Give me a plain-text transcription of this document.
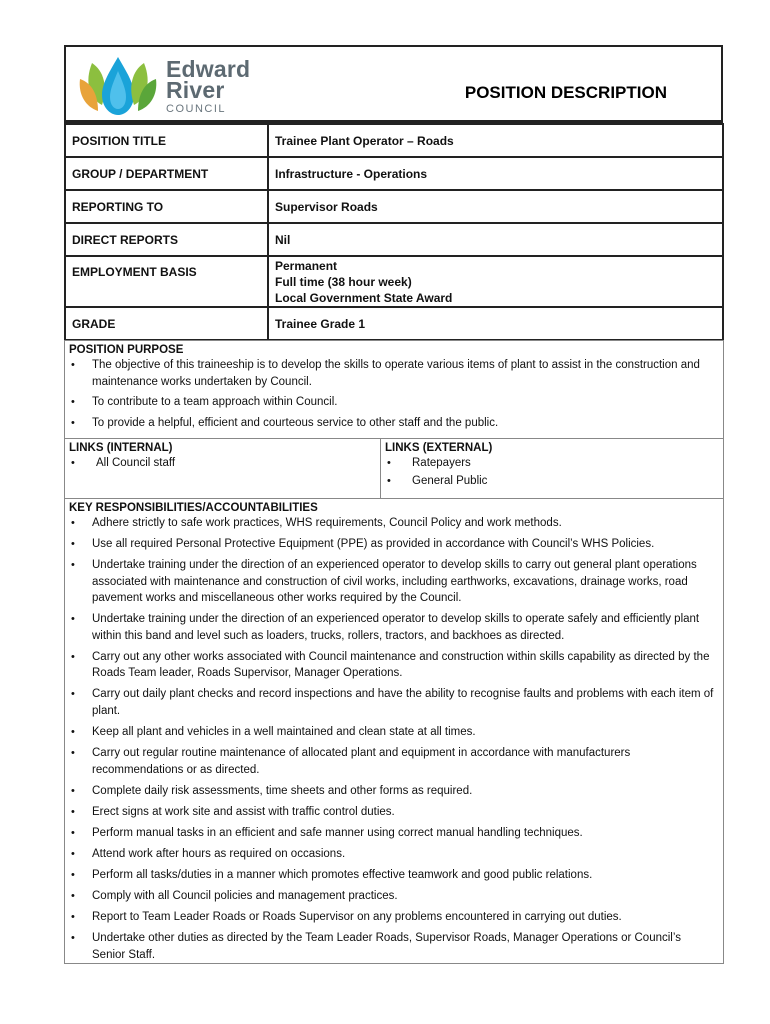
Edward
River
COUNCIL
POSITION DESCRIPTION
POSITION TITLE	Trainee Plant Operator – Roads
GROUP / DEPARTMENT	Infrastructure - Operations
REPORTING TO	Supervisor Roads
DIRECT REPORTS	Nil
EMPLOYMENT BASIS	Permanent
Full time (38 hour week)
Local Government State Award

GRADE	Trainee Grade 1
POSITION PURPOSE
• The objective of this traineeship is to develop the skills to operate various items of plant to assist in the construction and maintenance works undertaken by Council.
• To contribute to a team approach within Council.
• To provide a helpful, efficient and courteous service to other staff and the public.
LINKS (INTERNAL)
• All Council staff
LINKS (EXTERNAL)
• Ratepayers
• General Public
KEY RESPONSIBILITIES/ACCOUNTABILITIES
• Adhere strictly to safe work practices, WHS requirements, Council Policy and work methods.
• Use all required Personal Protective Equipment (PPE) as provided in accordance with Council’s WHS Policies.
• Undertake training under the direction of an experienced operator to develop skills to carry out general plant operations associated with maintenance and construction of civil works, including earthworks, excavations, drainage works, road pavement works and miscellaneous other works required by the Council.
• Undertake training under the direction of an experienced operator to develop skills to operate safely and efficiently plant within this band and level such as loaders, trucks, rollers, tractors, and backhoes as directed.
• Carry out any other works associated with Council maintenance and construction within skills capability as directed by the Roads Team leader, Roads Supervisor, Manager Operations.
• Carry out daily plant checks and record inspections and have the ability to recognise faults and problems with each item of plant.
• Keep all plant and vehicles in a well maintained and clean state at all times.
• Carry out regular routine maintenance of allocated plant and equipment in accordance with manufacturers recommendations or as directed.
• Complete daily risk assessments, time sheets and other forms as required.
• Erect signs at work site and assist with traffic control duties.
• Perform manual tasks in an efficient and safe manner using correct manual handling techniques.
• Attend work after hours as required on occasions.
• Perform all tasks/duties in a manner which promotes effective teamwork and good public relations.
• Comply with all Council policies and management practices.
• Report to Team Leader Roads or Roads Supervisor on any problems encountered in carrying out duties.
• Undertake other duties as directed by the Team Leader Roads, Supervisor Roads, Manager Operations or Council’s Senior Staff.
